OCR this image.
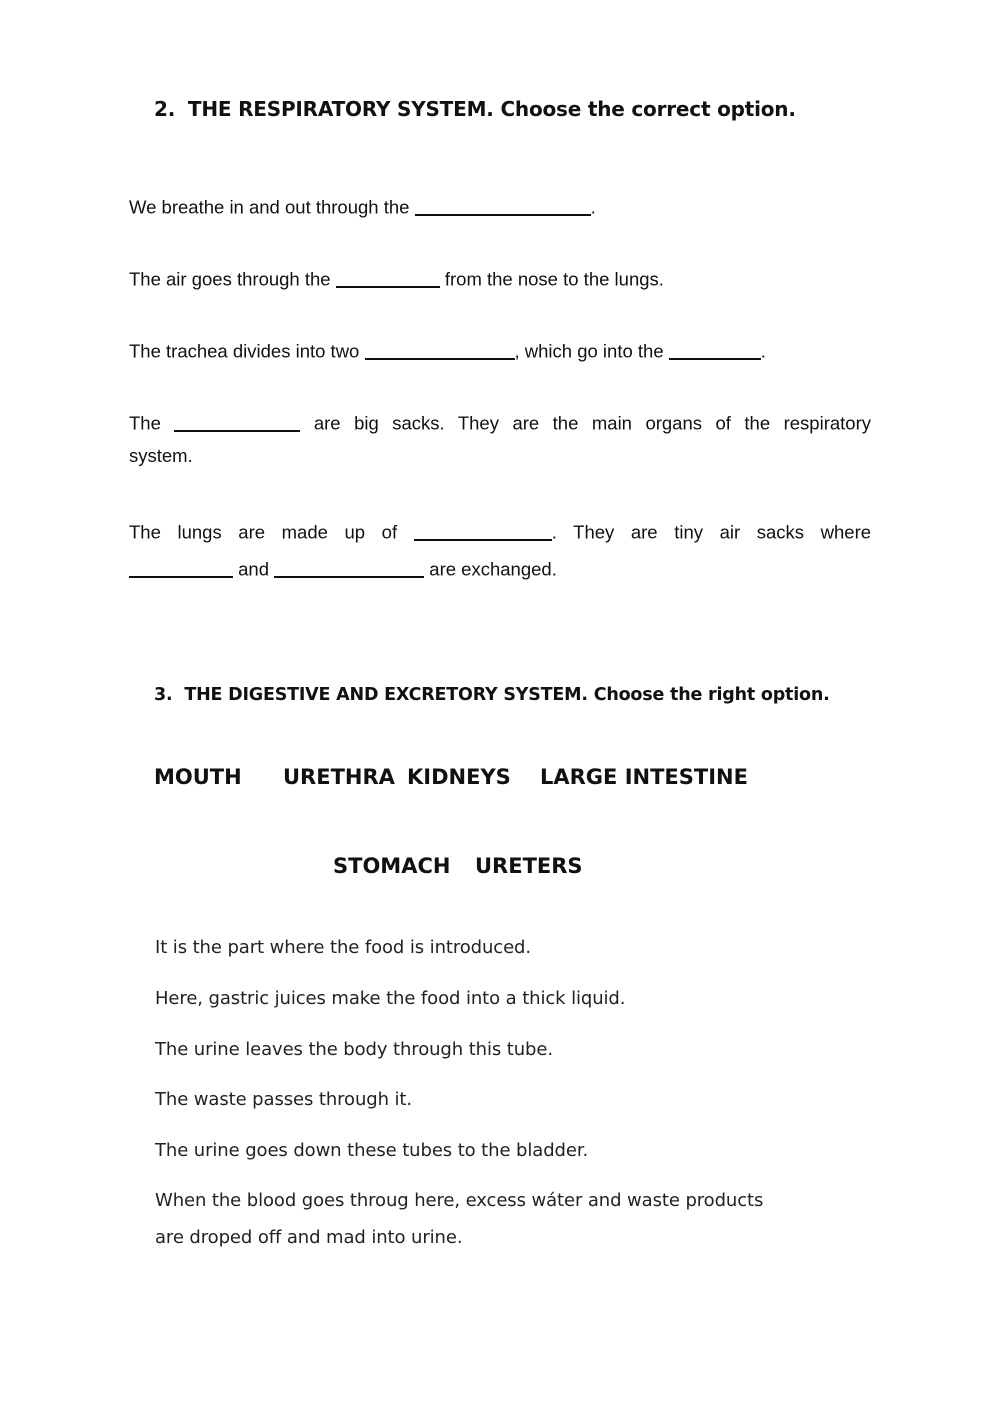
2. THE RESPIRATORY SYSTEM. Choose the correct option.
We breathe in and out through the	.
The air goes through the	from the nose to the lungs.
The trachea divides into two	, which go into the	.
The	are big sacks. They are the main organs of the respiratory
system.
The lungs are made up of	. They are tiny air sacks where
and	are exchanged.
3. THE DIGESTIVE AND EXCRETORY SYSTEM. Choose the right option.
MOUTH URETHRA KIDNEYS LARGE INTESTINE
STOMACH URETERS
It is the part where the food is introduced.
Here, gastric juices make the food into a thick liquid.
The urine leaves the body through this tube.
The waste passes through it.
The urine goes down these tubes to the bladder.
When the blood goes throug here, excess wáter and waste products
are droped off and mad into urine.
